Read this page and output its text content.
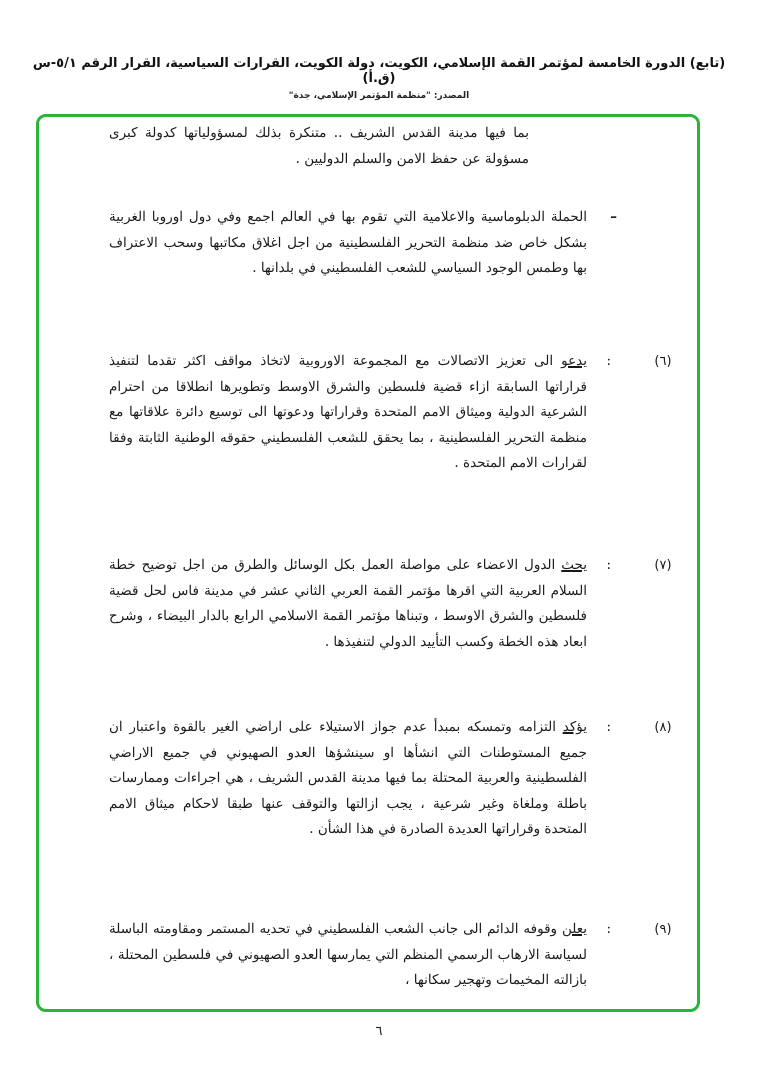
(تابع) الدورة الخامسة لمؤتمر القمة الإسلامي، الكويت، دولة الكويت، القرارات السياسية، القرار الرقم ٥/١-س (ق.أ)
المصدر: "منظمة المؤتمر الإسلامي، جدة"
بما فيها مدينة القدس الشريف .. متنكرة بذلك لمسؤولياتها كدولة كبرى مسؤولة عن حفظ الامن والسلم الدوليين .
–
الحملة الدبلوماسية والاعلامية التي تقوم بها في العالم اجمع وفي دول اوروبا الغربية بشكل خاص ضد منظمة التحرير الفلسطينية من اجل اغلاق مكاتبها وسحب الاعتراف بها وطمس الوجود السياسي للشعب الفلسطيني في بلدانها .
(٦)
:
يدعو الى تعزيز الاتصالات مع المجموعة الاوروبية لاتخاذ مواقف اكثر تقدما لتنفيذ قراراتها السابقة ازاء قضية فلسطين والشرق الاوسط وتطويرها انطلاقا من احترام الشرعية الدولية وميثاق الامم المتحدة وقراراتها ودعوتها الى توسيع دائرة علاقاتها مع منظمة التحرير الفلسطينية ، بما يحقق للشعب الفلسطيني حقوقه الوطنية الثابتة وفقا لقرارات الامم المتحدة .
(٧)
:
يحث الدول الاعضاء على مواصلة العمل بكل الوسائل والطرق من اجل توضيح خطة السلام العربية التي اقرها مؤتمر القمة العربي الثاني عشر في مدينة فاس لحل قضية فلسطين والشرق الاوسط ، وتبناها مؤتمر القمة الاسلامي الرابع بالدار البيضاء ، وشرح ابعاد هذه الخطة وكسب التأييد الدولي لتنفيذها .
(٨)
:
يؤكد التزامه وتمسكه بمبدأ عدم جواز الاستيلاء على اراضي الغير بالقوة واعتبار ان جميع المستوطنات التي انشأها او سينشؤها العدو الصهيوني في جميع الاراضي الفلسطينية والعربية المحتلة بما فيها مدينة القدس الشريف ، هي اجراءات وممارسات باطلة وملغاة وغير شرعية ، يجب ازالتها والتوقف عنها طبقا لاحكام ميثاق الامم المتحدة وقراراتها العديدة الصادرة في هذا الشأن .
(٩)
:
يعلن وقوفه الدائم الى جانب الشعب الفلسطيني في تحديه المستمر ومقاومته الباسلة لسياسة الارهاب الرسمي المنظم التي يمارسها العدو الصهيوني في فلسطين المحتلة ، بازالته المخيمات وتهجير سكانها ،
٦
